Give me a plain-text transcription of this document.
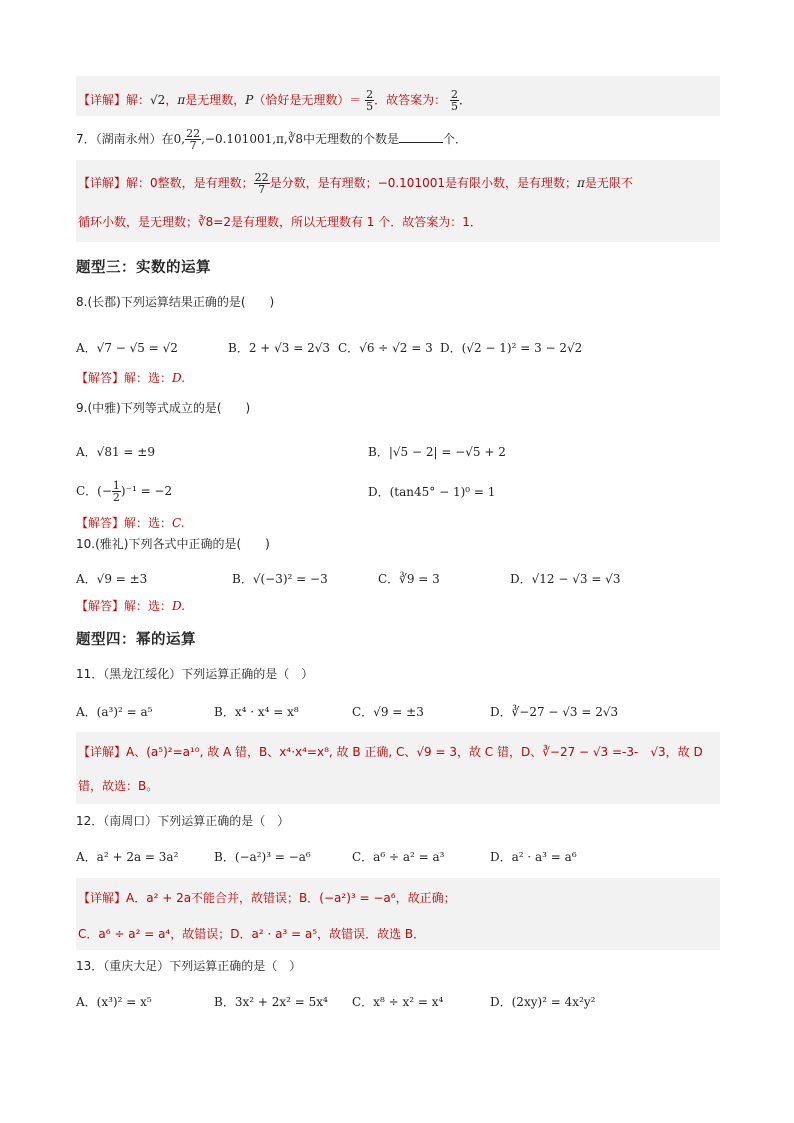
【详解】解：√2，π是无理数，P（恰好是无理数）＝ $\frac{2}{5}$ ．故答案为： $\frac{2}{5}$ ．
7．（湖南永州）在0, $\frac{22}{7}$ ,−0.101001,π,∛8中无理数的个数是	个．
【详解】解：0整数，是有理数； $\frac{22}{7}$ 是分数，是有理数；−0.101001是有限小数，是有理数；π是无限不
循环小数，是无理数；∛8=2是有理数，所以无理数有 1 个．故答案为：1．
题型三：实数的运算
8.(长郡)下列运算结果正确的是(　　)
A．√7 − √5 = √2	B．2 + √3 = 2√3 C．√6 ÷ √2 = 3 D．(√2 − 1)² = 3 − 2√2
【解答】解：选：D.
9.(中雅)下列等式成立的是(　　)
A．√81 = ±9	B．|√5 − 2| = −√5 + 2
C．(− $\frac{1}{2} )^{-1} = -2$	D．(tan45° − 1)⁰ = 1
【解答】解：选：C.
10.(雅礼)下列各式中正确的是(　　)
A．√9 = ±3	B．√(−3)² = −3	C．∛9 = 3	D．√12 − √3 = √3
【解答】解：选：D.
题型四：幂的运算
11．（黑龙江绥化）下列运算正确的是（　）
A．(a³)² = a⁵	B．x⁴ · x⁴ = x⁸	C．√9 = ±3	D．∛−27 − √3 = 2√3
【详解】A、(a⁵)²=a¹⁰, 故 A 错，B、x⁴·x⁴=x⁸, 故 B 正确, C、√9 = 3，故 C 错，D、∛−27 − √3 =-3-　√3，故 D
错，故选：B。
12．（南周口）下列运算正确的是（　）
A．a² + 2a = 3a²	B．(−a²)³ = −a⁶	C．a⁶ ÷ a² = a³	D．a² · a³ = a⁶
【详解】A．a² + 2a不能合并，故错误；B．(−a²)³ = −a⁶，故正确；
C．a⁶ ÷ a² = a⁴，故错误；D．a² · a³ = a⁵，故错误．故选 B．
13．（重庆大足）下列运算正确的是（　）
A．(x³)² = x⁵	B．3x² + 2x² = 5x⁴ C．x⁸ ÷ x² = x⁴	D．(2xy)² = 4x²y²
